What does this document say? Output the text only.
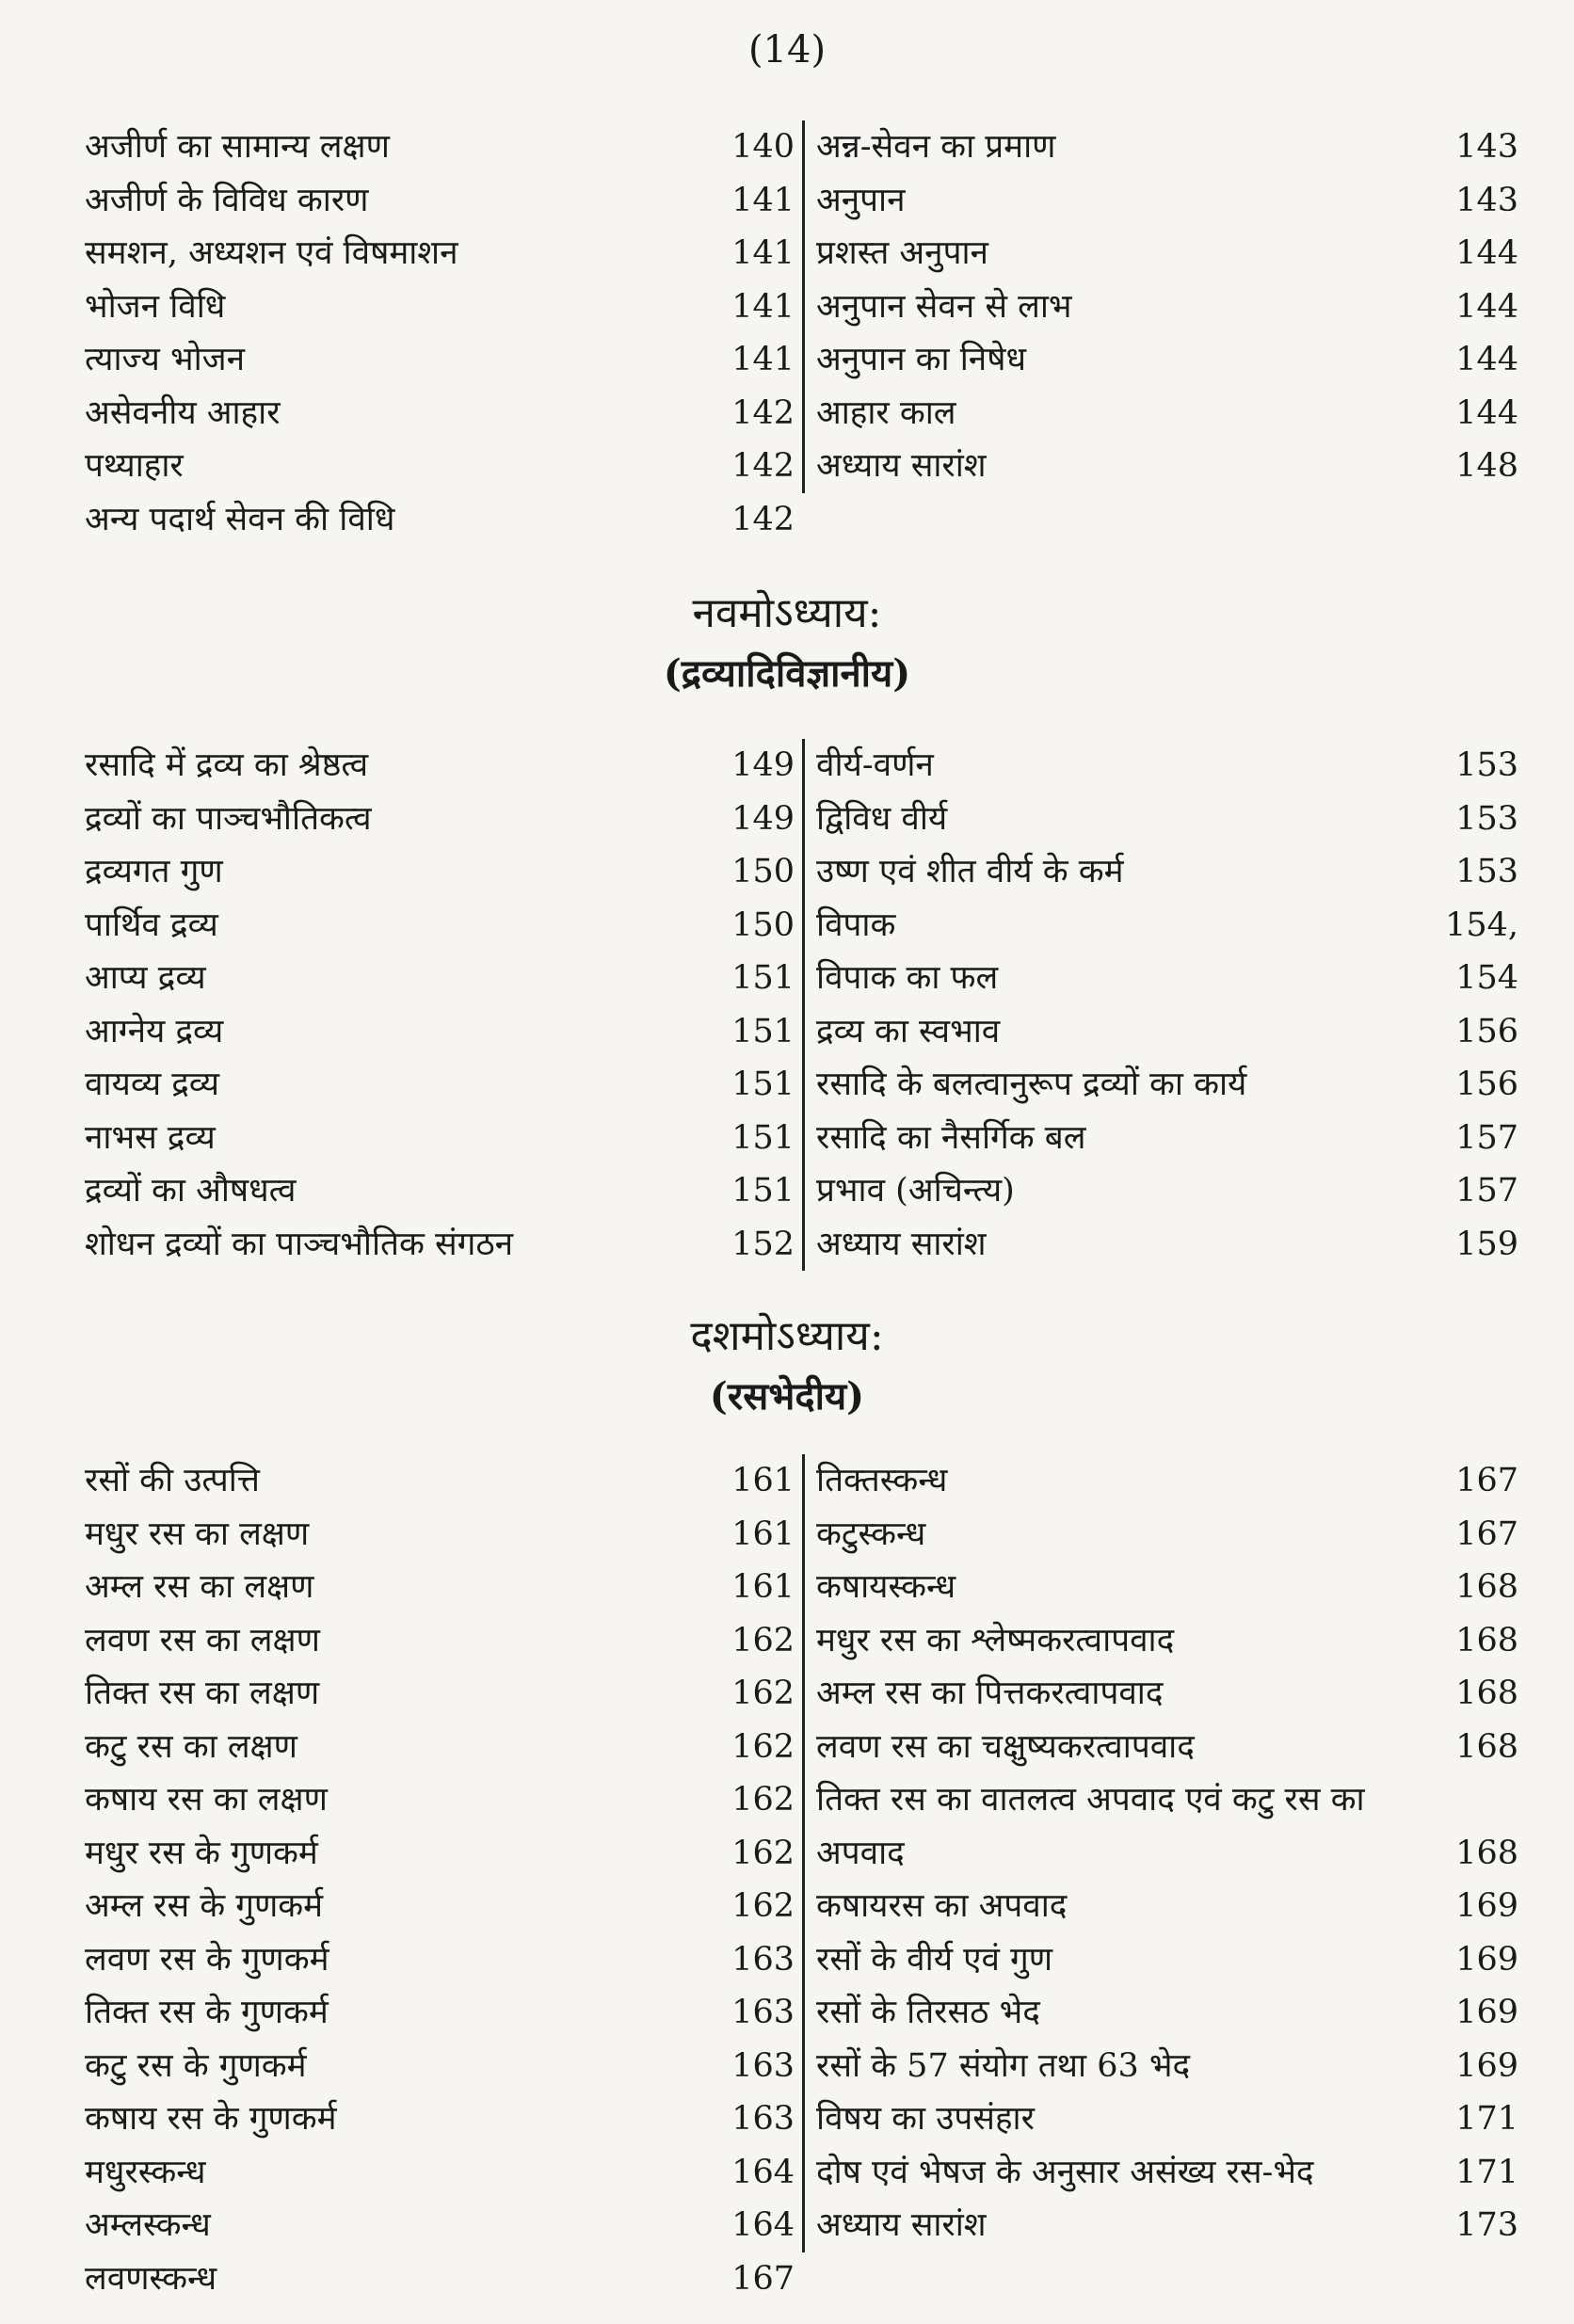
(14)
अजीर्ण का सामान्य लक्षण	140
अजीर्ण के विविध कारण	141
समशन, अध्यशन एवं विषमाशन	141
भोजन विधि	141
त्याज्य भोजन	141
असेवनीय आहार	142
पथ्याहार	142
अन्य पदार्थ सेवन की विधि	142
अन्न-सेवन का प्रमाण	143
अनुपान	143
प्रशस्त अनुपान	144
अनुपान सेवन से लाभ	144
अनुपान का निषेध	144
आहार काल	144
अध्याय सारांश	148
नवमोऽध्याय:
(द्रव्यादिविज्ञानीय)
रसादि में द्रव्य का श्रेष्ठत्व	149
द्रव्यों का पाञ्चभौतिकत्व	149
द्रव्यगत गुण	150
पार्थिव द्रव्य	150
आप्य द्रव्य	151
आग्नेय द्रव्य	151
वायव्य द्रव्य	151
नाभस द्रव्य	151
द्रव्यों का औषधत्व	151
शोधन द्रव्यों का पाञ्चभौतिक संगठन	152
वीर्य-वर्णन	153
द्विविध वीर्य	153
उष्ण एवं शीत वीर्य के कर्म	153
विपाक	154,
विपाक का फल	154
द्रव्य का स्वभाव	156
रसादि के बलत्वानुरूप द्रव्यों का कार्य	156
रसादि का नैसर्गिक बल	157
प्रभाव (अचिन्त्य)	157
अध्याय सारांश	159
दशमोऽध्याय:
(रसभेदीय)
रसों की उत्पत्ति	161
मधुर रस का लक्षण	161
अम्ल रस का लक्षण	161
लवण रस का लक्षण	162
तिक्त रस का लक्षण	162
कटु रस का लक्षण	162
कषाय रस का लक्षण	162
मधुर रस के गुणकर्म	162
अम्ल रस के गुणकर्म	162
लवण रस के गुणकर्म	163
तिक्त रस के गुणकर्म	163
कटु रस के गुणकर्म	163
कषाय रस के गुणकर्म	163
मधुरस्कन्ध	164
अम्लस्कन्ध	164
लवणस्कन्ध	167
तिक्तस्कन्ध	167
कटुस्कन्ध	167
कषायस्कन्ध	168
मधुर रस का श्लेष्मकरत्वापवाद	168
अम्ल रस का पित्तकरत्वापवाद	168
लवण रस का चक्षुष्यकरत्वापवाद	168
तिक्त रस का वातलत्व अपवाद एवं कटु रस का अपवाद	168
कषायरस का अपवाद	169
रसों के वीर्य एवं गुण	169
रसों के तिरसठ भेद	169
रसों के 57 संयोग तथा 63 भेद	169
विषय का उपसंहार	171
दोष एवं भेषज के अनुसार असंख्य रस-भेद	171
अध्याय सारांश	173
